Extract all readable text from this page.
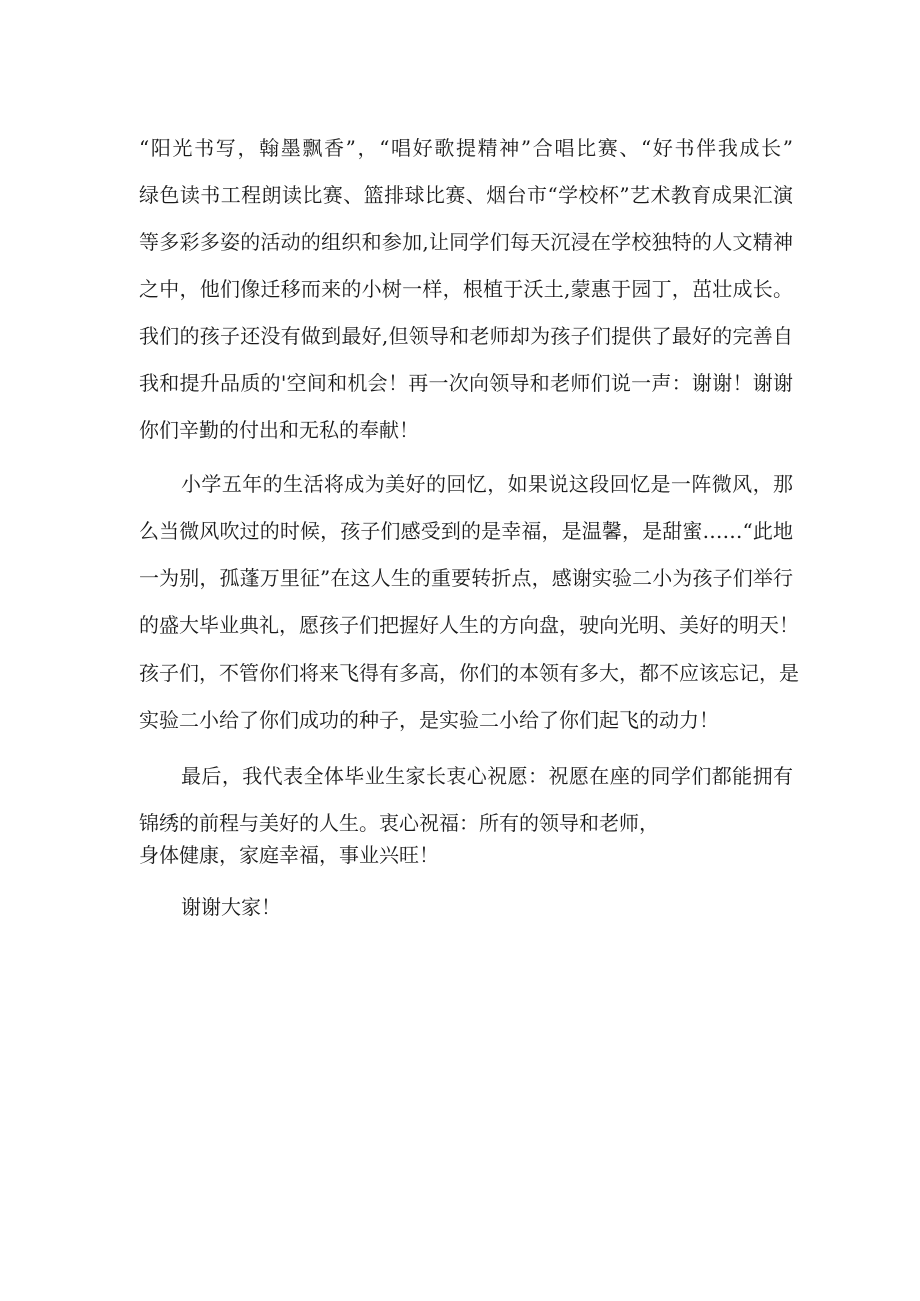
“阳光书写，翰墨飘香”，“唱好歌提精神”合唱比赛、“好书伴我成长”

绿色读书工程朗读比赛、篮排球比赛、烟台市“学校杯”艺术教育成果汇演

等多彩多姿的活动的组织和参加,让同学们每天沉浸在学校独特的人文精神

之中，他们像迁移而来的小树一样，根植于沃土,蒙惠于园丁，茁壮成长。

我们的孩子还没有做到最好,但领导和老师却为孩子们提供了最好的完善自

我和提升品质的'空间和机会！再一次向领导和老师们说一声：谢谢！谢谢

你们辛勤的付出和无私的奉献！

小学五年的生活将成为美好的回忆，如果说这段回忆是一阵微风，那

么当微风吹过的时候，孩子们感受到的是幸福，是温馨，是甜蜜……“此地

一为别，孤蓬万里征”在这人生的重要转折点，感谢实验二小为孩子们举行

的盛大毕业典礼，愿孩子们把握好人生的方向盘，驶向光明、美好的明天！

孩子们，不管你们将来飞得有多高，你们的本领有多大，都不应该忘记，是

实验二小给了你们成功的种子，是实验二小给了你们起飞的动力！

最后，我代表全体毕业生家长衷心祝愿：祝愿在座的同学们都能拥有

锦绣的前程与美好的人生。衷心祝福：所有的领导和老师，

身体健康，家庭幸福，事业兴旺！

谢谢大家！
